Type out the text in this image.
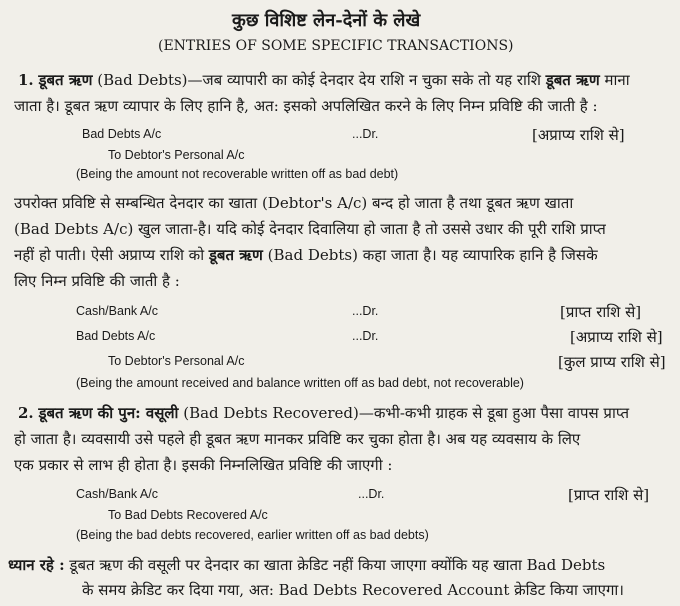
कुछ विशिष्ट लेन-देनों के लेखे
(ENTRIES OF SOME SPECIFIC TRANSACTIONS)
1. डूबत ऋण (Bad Debts)—जब व्यापारी का कोई देनदार देय राशि न चुका सके तो यह राशि डूबत ऋण माना
जाता है। डूबत ऋण व्यापार के लिए हानि है, अत: इसको अपलिखित करने के लिए निम्न प्रविष्टि की जाती है :
Bad Debts A/c	...Dr.	[अप्राप्य राशि से]
To Debtor's Personal A/c
(Being the amount not recoverable written off as bad debt)
उपरोक्त प्रविष्टि से सम्बन्धित देनदार का खाता (Debtor's A/c) बन्द हो जाता है तथा डूबत ऋण खाता
(Bad Debts A/c) खुल जाता-है। यदि कोई देनदार दिवालिया हो जाता है तो उससे उधार की पूरी राशि प्राप्त
नहीं हो पाती। ऐसी अप्राप्य राशि को डूबत ऋण (Bad Debts) कहा जाता है। यह व्यापारिक हानि है जिसके
लिए निम्न प्रविष्टि की जाती है :
Cash/Bank A/c	...Dr.	[प्राप्त राशि से]
Bad Debts A/c	...Dr.	[अप्राप्य राशि से]
To Debtor's Personal A/c	[कुल प्राप्य राशि से]
(Being the amount received and balance written off as bad debt, not recoverable)
2. डूबत ऋण की पुन: वसूली (Bad Debts Recovered)—कभी-कभी ग्राहक से डूबा हुआ पैसा वापस प्राप्त
हो जाता है। व्यवसायी उसे पहले ही डूबत ऋण मानकर प्रविष्टि कर चुका होता है। अब यह व्यवसाय के लिए
एक प्रकार से लाभ ही होता है। इसकी निम्नलिखित प्रविष्टि की जाएगी :
Cash/Bank A/c	...Dr.	[प्राप्त राशि से]
To Bad Debts Recovered A/c
(Being the bad debts recovered, earlier written off as bad debts)
ध्यान रहे : डूबत ऋण की वसूली पर देनदार का खाता क्रेडिट नहीं किया जाएगा क्योंकि यह खाता Bad Debts
के समय क्रेडिट कर दिया गया, अत: Bad Debts Recovered Account क्रेडिट किया जाएगा।
